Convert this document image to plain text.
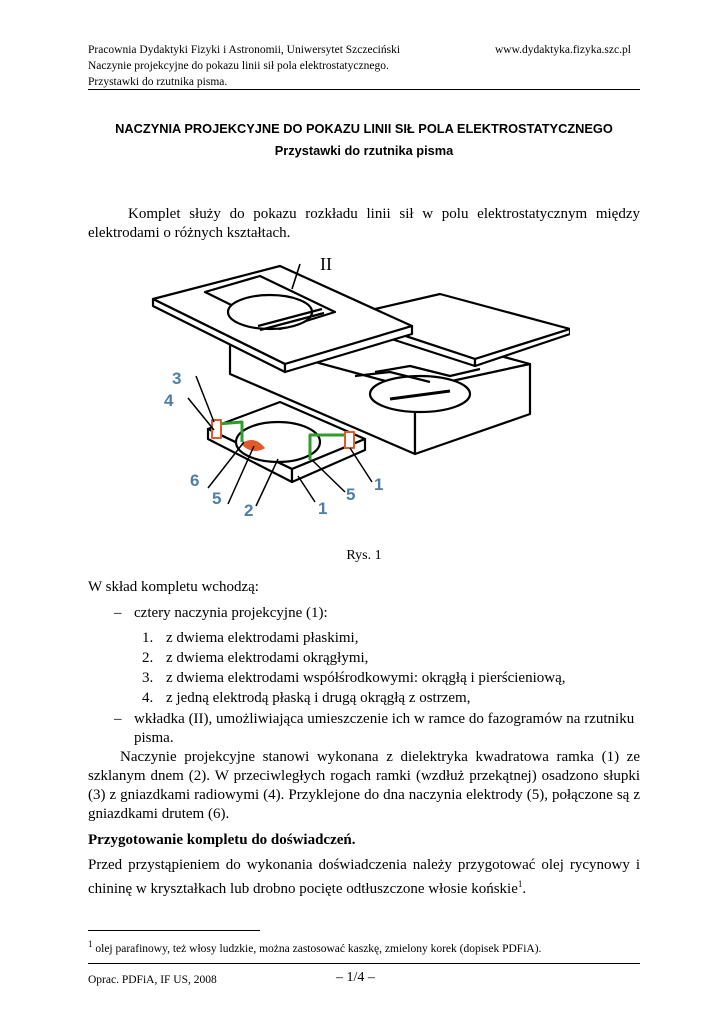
Pracownia Dydaktyki Fizyki i Astronomii, Uniwersytet Szczeciński
Naczynie projekcyjne do pokazu linii sił pola elektrostatycznego.
Przystawki do rzutnika pisma.
www.dydaktyka.fizyka.szc.pl
NACZYNIA PROJEKCYJNE DO POKAZU LINII SIŁ POLA ELEKTROSTATYCZNEGO
Przystawki do rzutnika pisma
Komplet służy do pokazu rozkładu linii sił w polu elektrostatycznym między elektrodami o różnych kształtach.
3
4
6
5
2	1
5
1
II
Rys. 1
W skład kompletu wchodzą:
– cztery naczynia projekcyjne (1):
1. z dwiema elektrodami płaskimi,
2. z dwiema elektrodami okrągłymi,
3. z dwiema elektrodami współśrodkowymi: okrągłą i pierścieniową,
4. z jedną elektrodą płaską i drugą okrągłą z ostrzem,
– wkładka (II), umożliwiająca umieszczenie ich w ramce do fazogramów na rzutniku pisma.
Naczynie projekcyjne stanowi wykonana z dielektryka kwadratowa ramka (1) ze szklanym dnem (2). W przeciwległych rogach ramki (wzdłuż przekątnej) osadzono słupki (3) z gniazdkami radiowymi (4). Przyklejone do dna naczynia elektrody (5), połączone są z gniazdkami drutem (6).
Przygotowanie kompletu do doświadczeń.
Przed przystąpieniem do wykonania doświadczenia należy przygotować olej rycynowy i chininę w kryształkach lub drobno pocięte odtłuszczone włosie końskie$^1$.
$^1$ olej parafinowy, też włosy ludzkie, można zastosować kaszkę, zmielony korek (dopisek PDFiA).
Oprac. PDFiA, IF US, 2008	– 1/4 –
